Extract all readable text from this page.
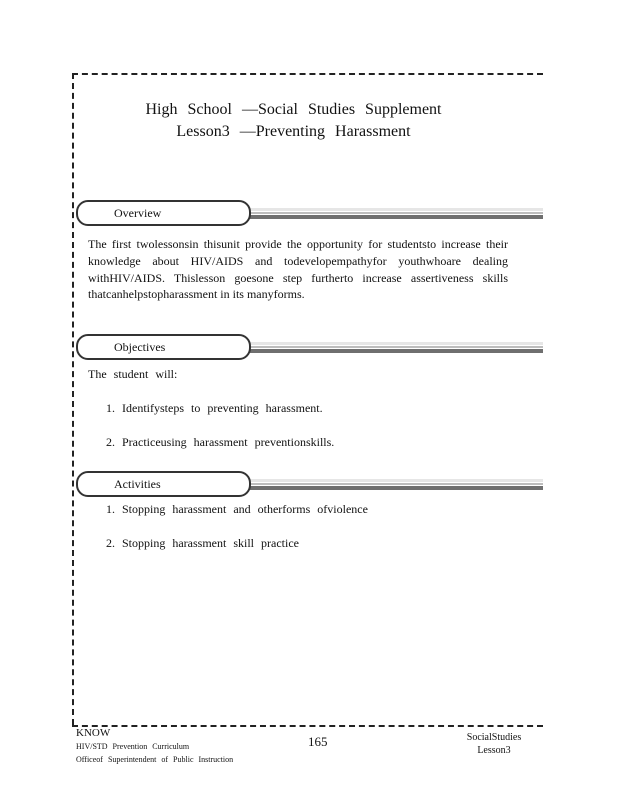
High School —Social Studies Supplement
Lesson3 —Preventing Harassment
Overview
The first twolessonsin thisunit provide the opportunity for studentsto increase their knowledge about HIV/AIDS and todevelopempathyfor youthwhoare dealing withHIV/AIDS. Thislesson goesone step furtherto increase assertiveness skills thatcanhelpstopharassment in its manyforms.
Objectives
The student will:
1. Identifysteps to preventing harassment.
2. Practiceusing harassment preventionskills.
Activities
1. Stopping harassment and otherforms ofviolence
2. Stopping harassment skill practice
KNOW
HIV/STD Prevention Curriculum
Officeof Superintendent of Public Instruction
165	SocialStudies
Lesson3
